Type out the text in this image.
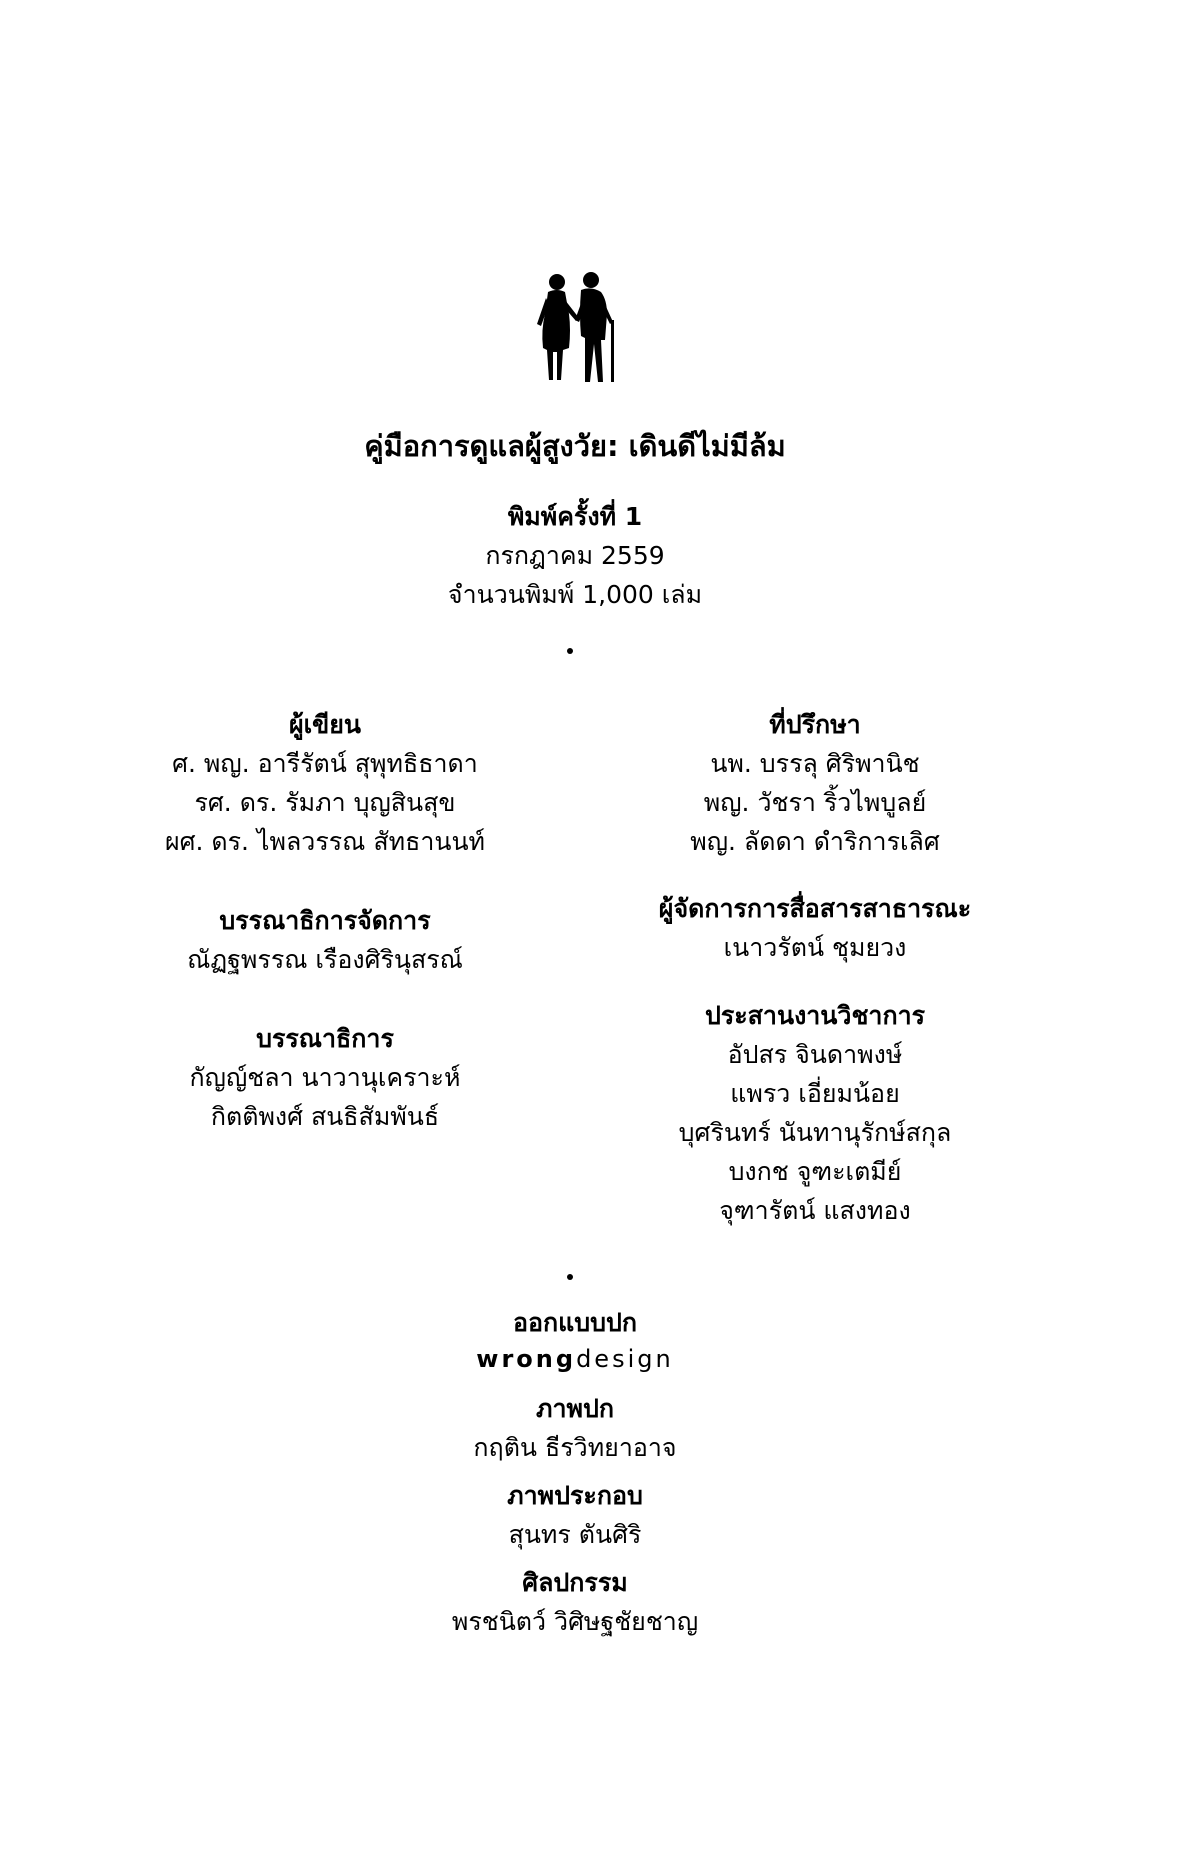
คู่มือการดูแลผู้สูงวัย: เดินดีไม่มีล้ม
พิมพ์ครั้งที่ 1
กรกฎาคม 2559
จำนวนพิมพ์ 1,000 เล่ม
ผู้เขียน
ศ. พญ. อารีรัตน์ สุพุทธิธาดา
รศ. ดร. รัมภา บุญสินสุข
ผศ. ดร. ไพลวรรณ สัทธานนท์
บรรณาธิการจัดการ
ณัฏฐพรรณ เรืองศิรินุสรณ์
บรรณาธิการ
กัญญ์ชลา นาวานุเคราะห์
กิตติพงศ์ สนธิสัมพันธ์
ที่ปรึกษา
นพ. บรรลุ ศิริพานิช
พญ. วัชรา ริ้วไพบูลย์
พญ. ลัดดา ดำริการเลิศ
ผู้จัดการการสื่อสารสาธารณะ
เนาวรัตน์ ชุมยวง
ประสานงานวิชาการ
อัปสร จินดาพงษ์
แพรว เอี่ยมน้อย
บุศรินทร์ นันทานุรักษ์สกุล
บงกช จูฑะเตมีย์
จุฑารัตน์ แสงทอง
ออกแบบปก
wrongdesign
ภาพปก
กฤติน ธีรวิทยาอาจ
ภาพประกอบ
สุนทร ตันศิริ
ศิลปกรรม
พรชนิตว์ วิศิษฐชัยชาญ
